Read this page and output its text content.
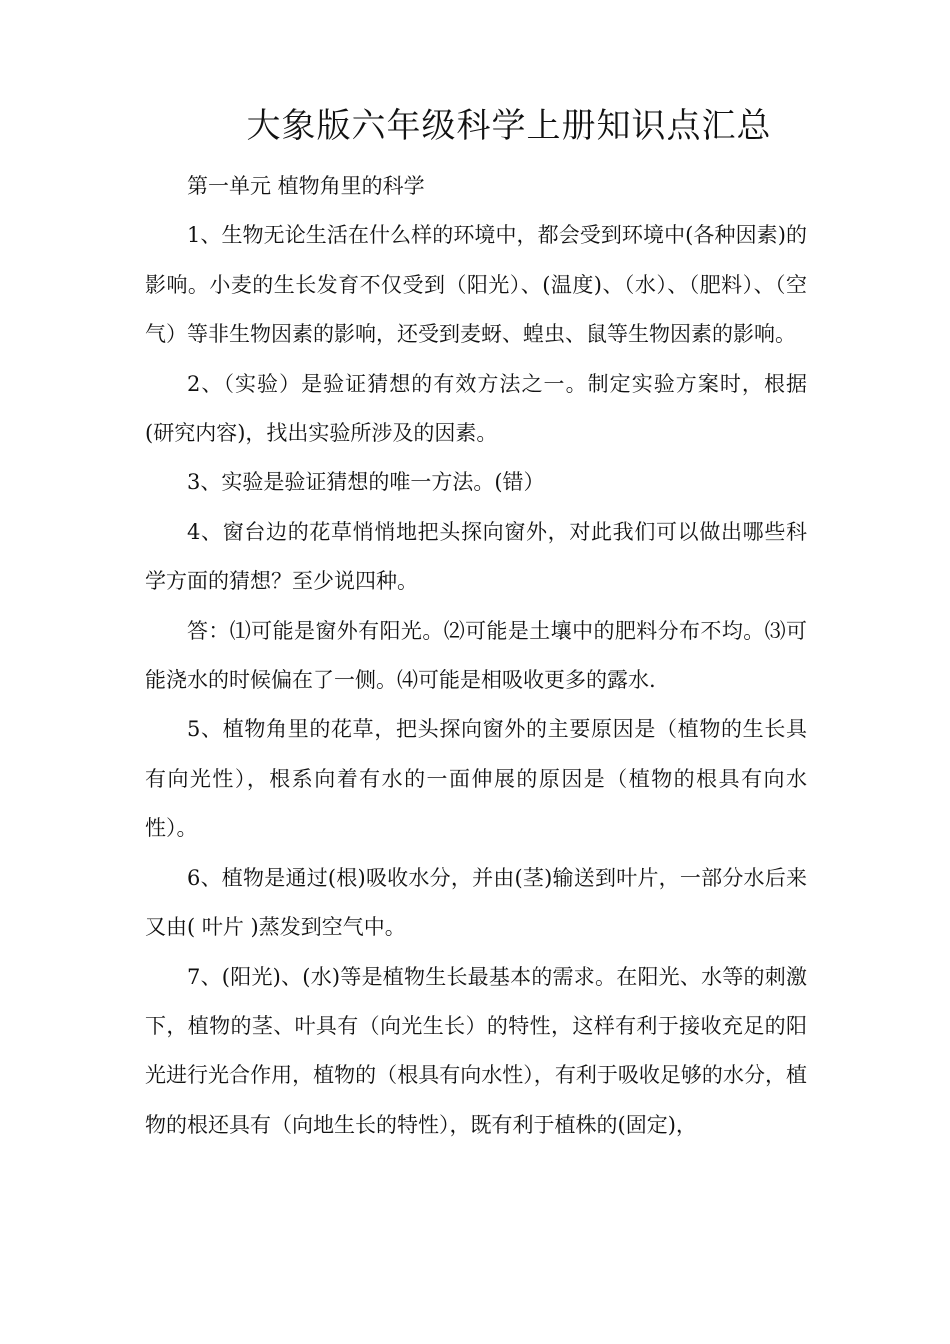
大象版六年级科学上册知识点汇总

第一单元 植物角里的科学

1、生物无论生活在什么样的环境中，都会受到环境中(各种因素)的影响。小麦的生长发育不仅受到（阳光）、(温度)、（水）、（肥料）、（空气）等非生物因素的影响，还受到麦蚜、蝗虫、鼠等生物因素的影响。

2、（实验）是验证猜想的有效方法之一。制定实验方案时，根据(研究内容)，找出实验所涉及的因素。

3、实验是验证猜想的唯一方法。(错）

4、窗台边的花草悄悄地把头探向窗外，对此我们可以做出哪些科学方面的猜想？至少说四种。

答：⑴可能是窗外有阳光。⑵可能是土壤中的肥料分布不均。⑶可能浇水的时候偏在了一侧。⑷可能是相吸收更多的露水.

5、植物角里的花草，把头探向窗外的主要原因是（植物的生长具有向光性），根系向着有水的一面伸展的原因是（植物的根具有向水性）。

6、植物是通过(根)吸收水分，并由(茎)输送到叶片，一部分水后来又由( 叶片 )蒸发到空气中。

7、(阳光)、(水)等是植物生长最基本的需求。在阳光、水等的刺激下，植物的茎、叶具有（向光生长）的特性，这样有利于接收充足的阳光进行光合作用，植物的（根具有向水性），有利于吸收足够的水分，植物的根还具有（向地生长的特性），既有利于植株的(固定)，
